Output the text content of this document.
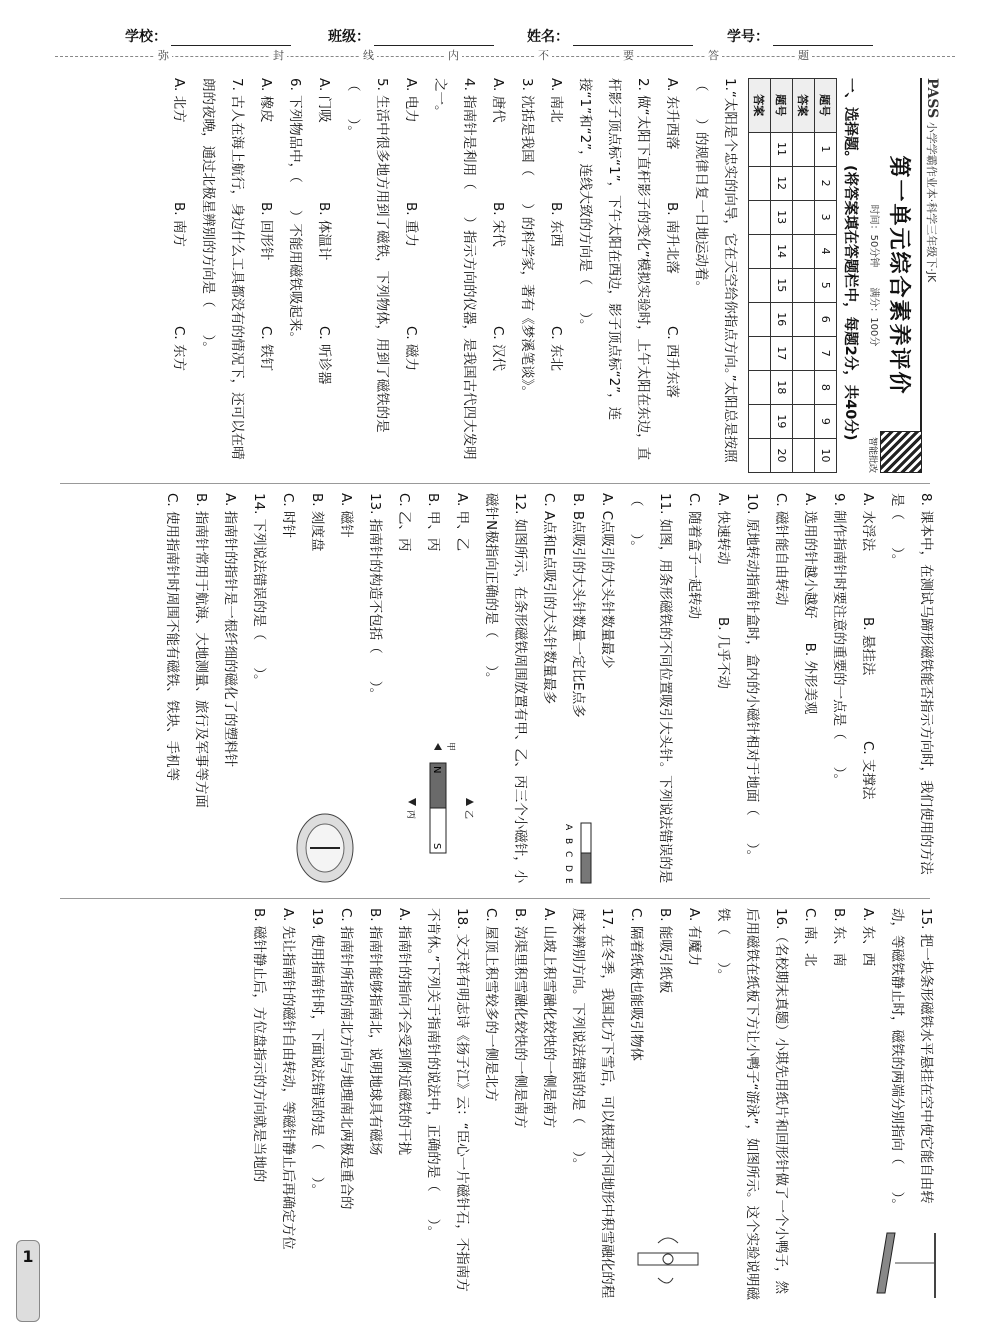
学校：	班级：	姓名：	学号：
弥	封	线	内	不	要	答	题
PASS 小学学霸作业本·科学三年级下·JK
第一单元综合素养评价
时间：50分钟　　满分：100分
智能批改
一、选择题。(将答案填在答题栏中，每题2分，共40分)
题号	1	2	3	4	5	6	7	8	9	10
答案										
题号	11	12	13	14	15	16	17	18	19	20
答案										

1.“太阳是个忠实的向导，它在天空给你指点方向。”太阳总是按照（　　）的规律日复一日地运动着。

A. 东升西落
B. 南升北落
C. 西升东落

2. 做“太阳下直杆影子的变化”模拟实验时，上午太阳在东边，直杆影子顶点标“1”，下午太阳在西边，影子顶点标“2”，连接“1”和“2”，连线大致的方向是（　　）。

A. 南北
B. 东西
C. 东北

3. 沈括是我国（　　）的科学家，著有《梦溪笔谈》。

A. 唐代
B. 宋代
C. 汉代

4. 指南针是利用（　　）指示方向的仪器，是我国古代四大发明之一。

A. 电力
B. 重力
C. 磁力

5. 生活中很多地方用到了磁铁，下列物体，用到了磁铁的是（　　）。

A. 门吸
B. 体温计
C. 听诊器

6. 下列物品中，（　　）不能用磁铁吸起来。

A. 橡皮
B. 回形针
C. 铁钉

7. 古人在海上航行，身边什么工具都没有的情况下，还可以在晴朗的夜晚，通过北极星辨别的方向是（　　）。

A. 北方
B. 南方
C. 东方

8. 课本中，在测试马蹄形磁铁能否指示方向时，我们使用的方法是（　　）。

A. 水浮法
B. 悬挂法
C. 支撑法

9. 制作指南针时要注意的重要的一点是（　　）。

A. 选用的针越小越好
B. 外形美观
C. 磁针能自由转动

10. 原地转动指南针盒时，盒内的小磁针相对于地面（　　）。

A. 快速转动
B. 几乎不动
C. 随着盒子一起转动

11. 如图，用条形磁铁的不同位置吸引大头针。下列说法错误的是（　　）。

A. C点吸引的大头针数量最少
B. B点吸引的大头针数量一定比E点多
C. A点和E点吸引的大头针数量最多
A
B
C
D
E

12. 如图所示，在条形磁铁周围放置有甲、乙、丙三个小磁针，小磁针N极指向正确的是（　　）。

A. 甲、乙
B. 甲、丙
C. 乙、丙
N
S
甲
乙
丙

13. 指南针的构造不包括（　　）。

A. 磁针
B. 刻度盘
C. 时针

14. 下列说法错误的是（　　）。

A. 指南针的指针是一根纤细的磁化了的塑料针
B. 指南针常用于航海、大地测量、旅行及军事等方面
C. 使用指南针时周围不能有磁铁、铁块、手机等

15. 把一块条形磁铁水平悬挂在空中使它能自由转动，等磁铁静止时，磁铁的两端分别指向（　　）。

A. 东、西
B. 东、南
C. 南、北

16.（名校期末真题）小琪先用纸片和回形针做了一个小鸭子，然后用磁铁在纸板下方让小鸭子“游泳”，如图所示。这个实验说明磁铁（　　）。

A. 有魔力
B. 能吸引纸板
C. 隔着纸板也能吸引物体

17. 在冬季，我国北方下雪后，可以根据不同地形中积雪融化的程度来辨别方向。下列说法错误的是（　　）。

A. 山坡上积雪融化较快的一侧是南方
B. 沟渠里积雪融化较快的一侧是南方
C. 屋顶上积雪较多的一侧是北方

18. 文天祥有明志诗《扬子江》云：“臣心一片磁针石，不指南方不肯休。”下列关于指南针的说法中，正确的是（　　）。

A. 指南针的指向不会受到附近磁铁的干扰
B. 指南针能够指南北，说明地球具有磁场
C. 指南针所指的南北方向与地理南北两极是重合的

19. 使用指南针时，下面说法错误的是（　　）。

A. 先让指南针的磁针自由转动，等磁针静止后再确定方位
B. 磁针静止后，方位盘指示的方向就是当地的
1
